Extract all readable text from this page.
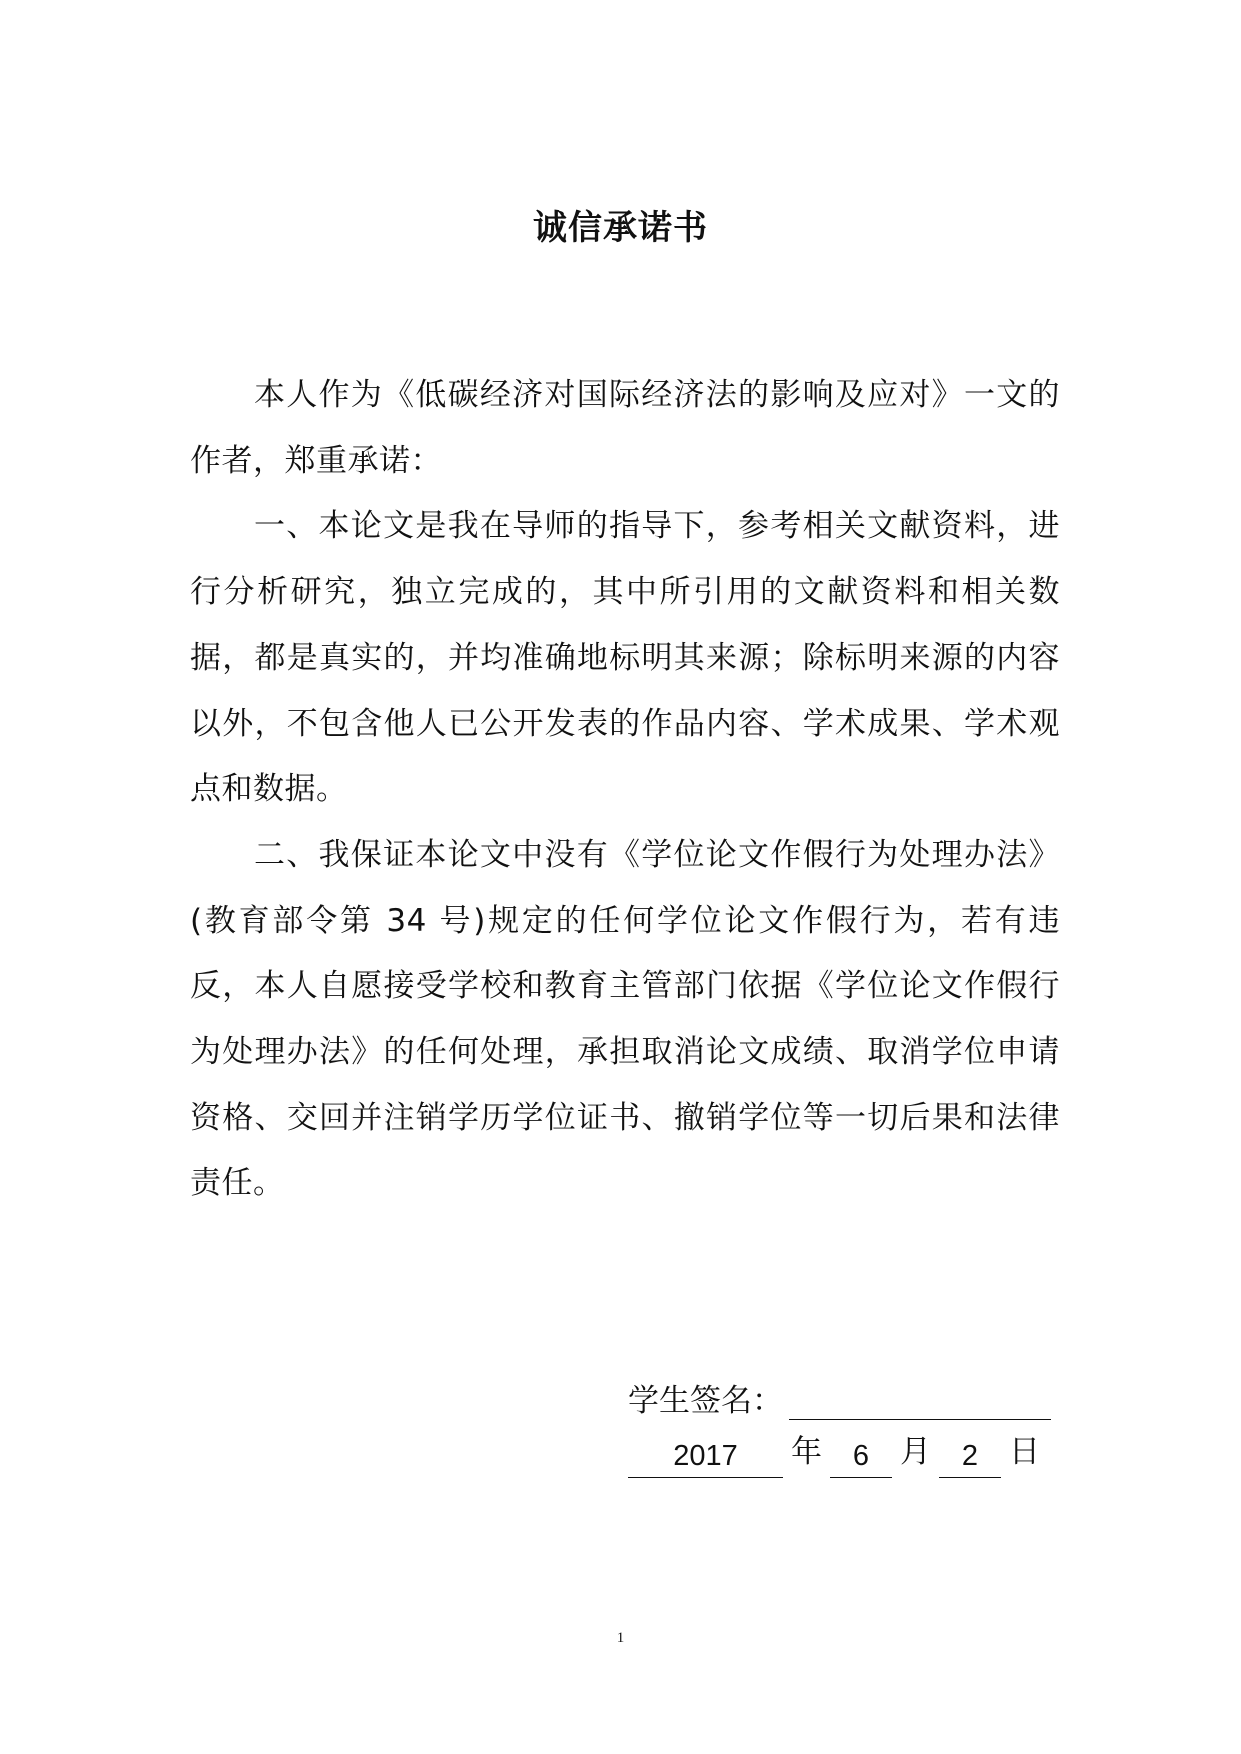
诚信承诺书

本人作为《低碳经济对国际经济法的影响及应对》一文的作者，郑重承诺：

一、本论文是我在导师的指导下，参考相关文献资料，进行分析研究，独立完成的，其中所引用的文献资料和相关数据，都是真实的，并均准确地标明其来源；除标明来源的内容以外，不包含他人已公开发表的作品内容、学术成果、学术观点和数据。

二、我保证本论文中没有《学位论文作假行为处理办法》(教育部令第 34 号)规定的任何学位论文作假行为，若有违反，本人自愿接受学校和教育主管部门依据《学位论文作假行为处理办法》的任何处理，承担取消论文成绩、取消学位申请资格、交回并注销学历学位证书、撤销学位等一切后果和法律责任。

学生签名：
2017	年	6 月	2 日
1
